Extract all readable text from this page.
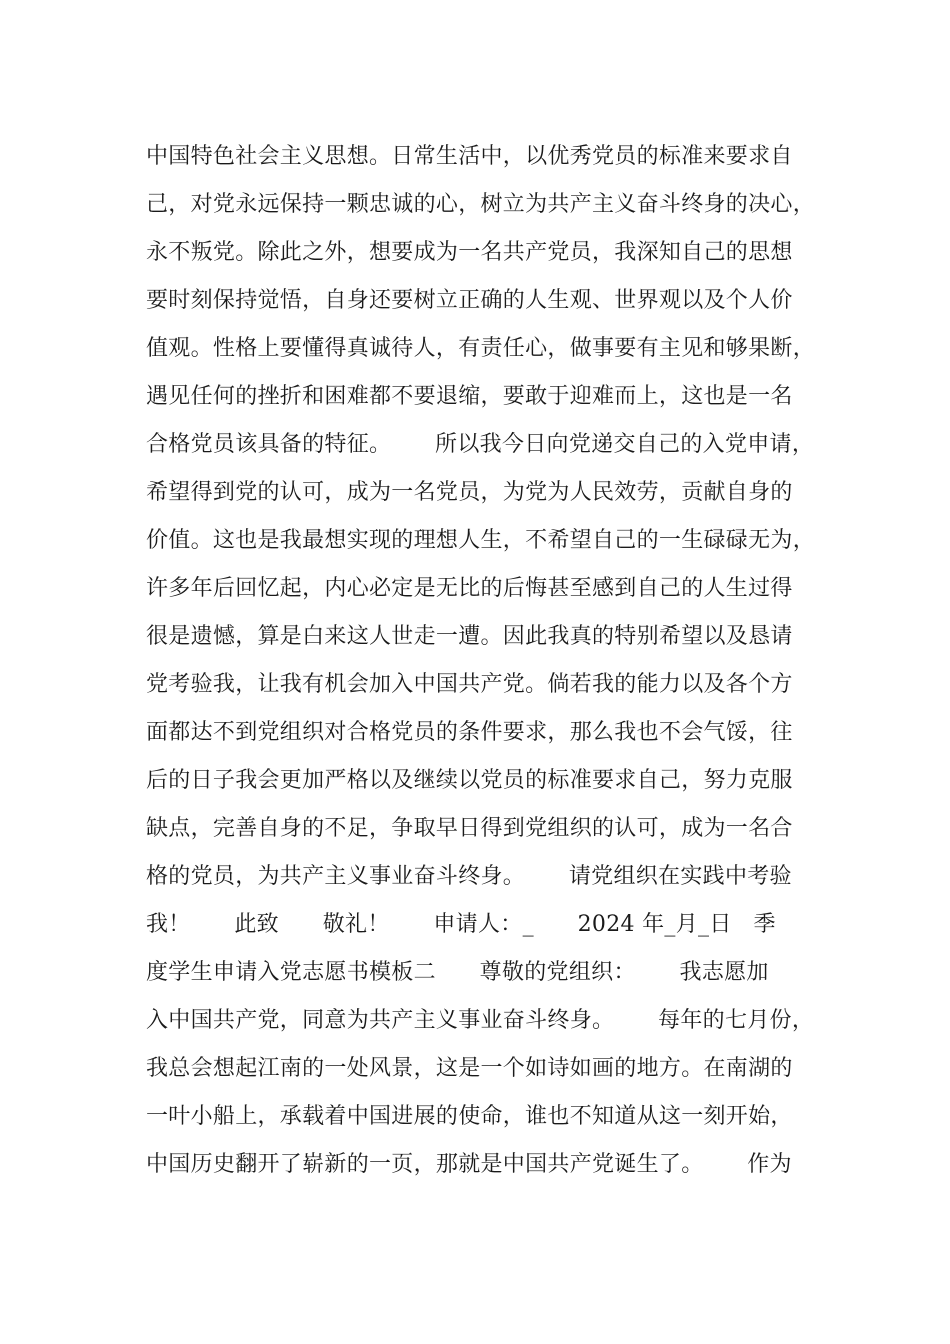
中国特色社会主义思想。日常生活中，以优秀党员的标准来要求自
己，对党永远保持一颗忠诚的心，树立为共产主义奋斗终身的决心，
永不叛党。除此之外，想要成为一名共产党员，我深知自己的思想
要时刻保持觉悟，自身还要树立正确的人生观、世界观以及个人价
值观。性格上要懂得真诚待人，有责任心，做事要有主见和够果断，
遇见任何的挫折和困难都不要退缩，要敢于迎难而上，这也是一名
合格党员该具备的特征。      所以我今日向党递交自己的入党申请，
希望得到党的认可，成为一名党员，为党为人民效劳，贡献自身的
价值。这也是我最想实现的理想人生，不希望自己的一生碌碌无为，
许多年后回忆起，内心必定是无比的后悔甚至感到自己的人生过得
很是遗憾，算是白来这人世走一遭。因此我真的特别希望以及恳请
党考验我，让我有机会加入中国共产党。倘若我的能力以及各个方
面都达不到党组织对合格党员的条件要求，那么我也不会气馁，往
后的日子我会更加严格以及继续以党员的标准要求自己，努力克服
缺点，完善自身的不足，争取早日得到党组织的认可，成为一名合
格的党员，为共产主义事业奋斗终身。      请党组织在实践中考验
我！      此致      敬礼！      申请人：_      2024 年_月_日   季
度学生申请入党志愿书模板二      尊敬的党组织：      我志愿加
入中国共产党，同意为共产主义事业奋斗终身。      每年的七月份，
我总会想起江南的一处风景，这是一个如诗如画的地方。在南湖的
一叶小船上，承载着中国进展的使命，谁也不知道从这一刻开始，
中国历史翻开了崭新的一页，那就是中国共产党诞生了。      作为
